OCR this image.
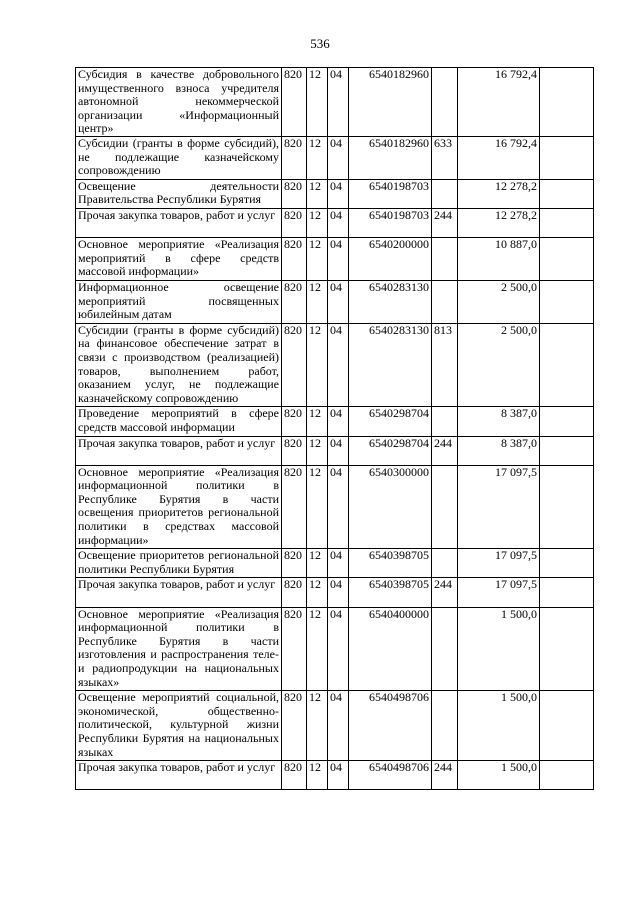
536
Субсидия в качестве добровольного имущественного взноса учредителя автономной некоммерческой организации «Информационный центр»	820	12	04	6540182960		16 792,4	
Субсидии (гранты в форме субсидий), не подлежащие казначейскому сопровождению	820	12	04	6540182960	633	16 792,4	
Освещение деятельности Правительства Республики Бурятия	820	12	04	6540198703		12 278,2	
Прочая закупка товаров, работ и услуг	820	12	04	6540198703	244	12 278,2	
Основное мероприятие «Реализация мероприятий в сфере средств массовой информации»	820	12	04	6540200000		10 887,0	
Информационное освещение мероприятий посвященных юбилейным датам	820	12	04	6540283130		2 500,0	
Субсидии (гранты в форме субсидий) на финансовое обеспечение затрат в связи с производством (реализацией) товаров, выполнением работ, оказанием услуг, не подлежащие казначейскому сопровождению	820	12	04	6540283130	813	2 500,0	
Проведение мероприятий в сфере средств массовой информации	820	12	04	6540298704		8 387,0	
Прочая закупка товаров, работ и услуг	820	12	04	6540298704	244	8 387,0	
Основное мероприятие «Реализация информационной политики в Республике Бурятия в части освещения приоритетов региональной политики в средствах массовой информации»	820	12	04	6540300000		17 097,5	
Освещение приоритетов региональной политики Республики Бурятия	820	12	04	6540398705		17 097,5	
Прочая закупка товаров, работ и услуг	820	12	04	6540398705	244	17 097,5	
Основное мероприятие «Реализация информационной политики в Республике Бурятия в части изготовления и распространения теле- и радиопродукции на национальных языках»	820	12	04	6540400000		1 500,0	
Освещение мероприятий социальной, экономической, общественно-политической, культурной жизни Республики Бурятия на национальных языках	820	12	04	6540498706		1 500,0	
Прочая закупка товаров, работ и услуг	820	12	04	6540498706	244	1 500,0	
